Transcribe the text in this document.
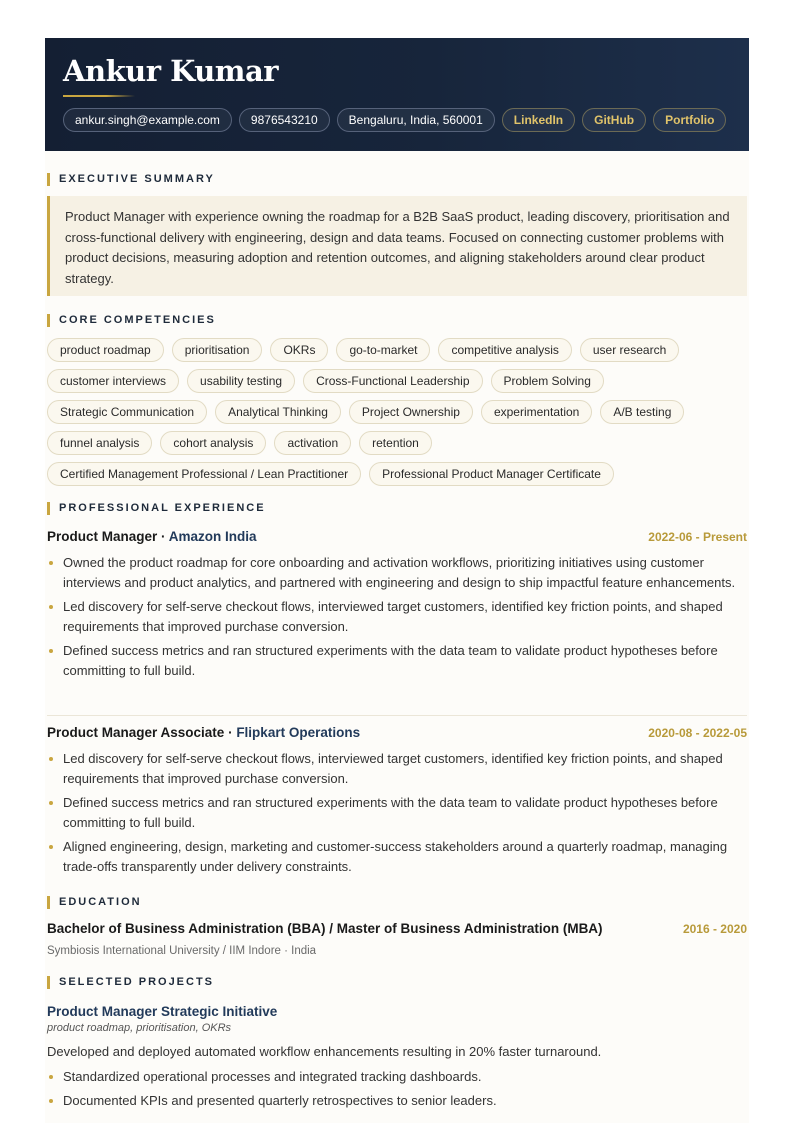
Ankur Kumar
ankur.singh@example.com	9876543210	Bengaluru, India, 560001	LinkedIn	GitHub	Portfolio
EXECUTIVE SUMMARY
Product Manager with experience owning the roadmap for a B2B SaaS product, leading discovery, prioritisation and cross-functional delivery with engineering, design and data teams. Focused on connecting customer problems with product decisions, measuring adoption and retention outcomes, and aligning stakeholders around clear product strategy.
CORE COMPETENCIES
product roadmap	prioritisation	OKRs	go-to-market	competitive analysis	user research
customer interviews	usability testing	Cross-Functional Leadership	Problem Solving
Strategic Communication	Analytical Thinking	Project Ownership	experimentation	A/B testing
funnel analysis	cohort analysis	activation	retention
Certified Management Professional / Lean Practitioner	Professional Product Manager Certificate
PROFESSIONAL EXPERIENCE
Product Manager · Amazon India	2022-06 - Present
Owned the product roadmap for core onboarding and activation workflows, prioritizing initiatives using customer interviews and product analytics, and partnered with engineering and design to ship impactful feature enhancements.
Led discovery for self-serve checkout flows, interviewed target customers, identified key friction points, and shaped requirements that improved purchase conversion.
Defined success metrics and ran structured experiments with the data team to validate product hypotheses before committing to full build.
Product Manager Associate · Flipkart Operations	2020-08 - 2022-05
Led discovery for self-serve checkout flows, interviewed target customers, identified key friction points, and shaped requirements that improved purchase conversion.
Defined success metrics and ran structured experiments with the data team to validate product hypotheses before committing to full build.
Aligned engineering, design, marketing and customer-success stakeholders around a quarterly roadmap, managing trade-offs transparently under delivery constraints.
EDUCATION
Bachelor of Business Administration (BBA) / Master of Business Administration (MBA)	2016 - 2020
Symbiosis International University / IIM Indore · India
SELECTED PROJECTS
Product Manager Strategic Initiative
product roadmap, prioritisation, OKRs
Developed and deployed automated workflow enhancements resulting in 20% faster turnaround.
Standardized operational processes and integrated tracking dashboards.
Documented KPIs and presented quarterly retrospectives to senior leaders.
